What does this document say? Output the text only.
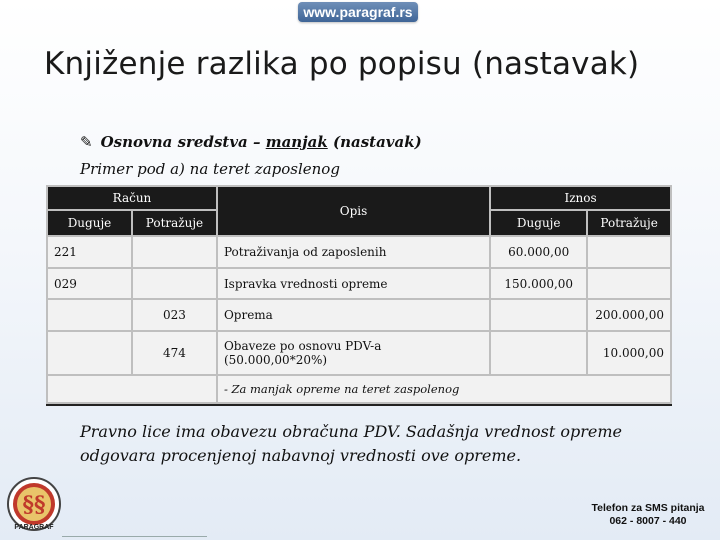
www.paragraf.rs
Knjiženje razlika po popisu (nastavak)
✎ Osnovna sredstva – manjak (nastavak)
Primer pod a) na teret zaposlenog
Račun		Opis	Iznos	
Duguje	Potražuje		Duguje	Potražuje
221		Potraživanja od zaposlenih	60.000,00	
029		Ispravka vrednosti opreme	150.000,00	
	023	Oprema		200.000,00
	474	Obaveze po osnovu PDV-a (50.000,00*20%)		10.000,00
		- Za manjak opreme na teret zaspolenog		
Pravno lice ima obavezu obračuna PDV. Sadašnja vrednost opreme odgovara procenjenoj nabavnoj vrednosti ove opreme.
§§
PARAGRAF
Telefon za SMS pitanja
062 - 8007 - 440
